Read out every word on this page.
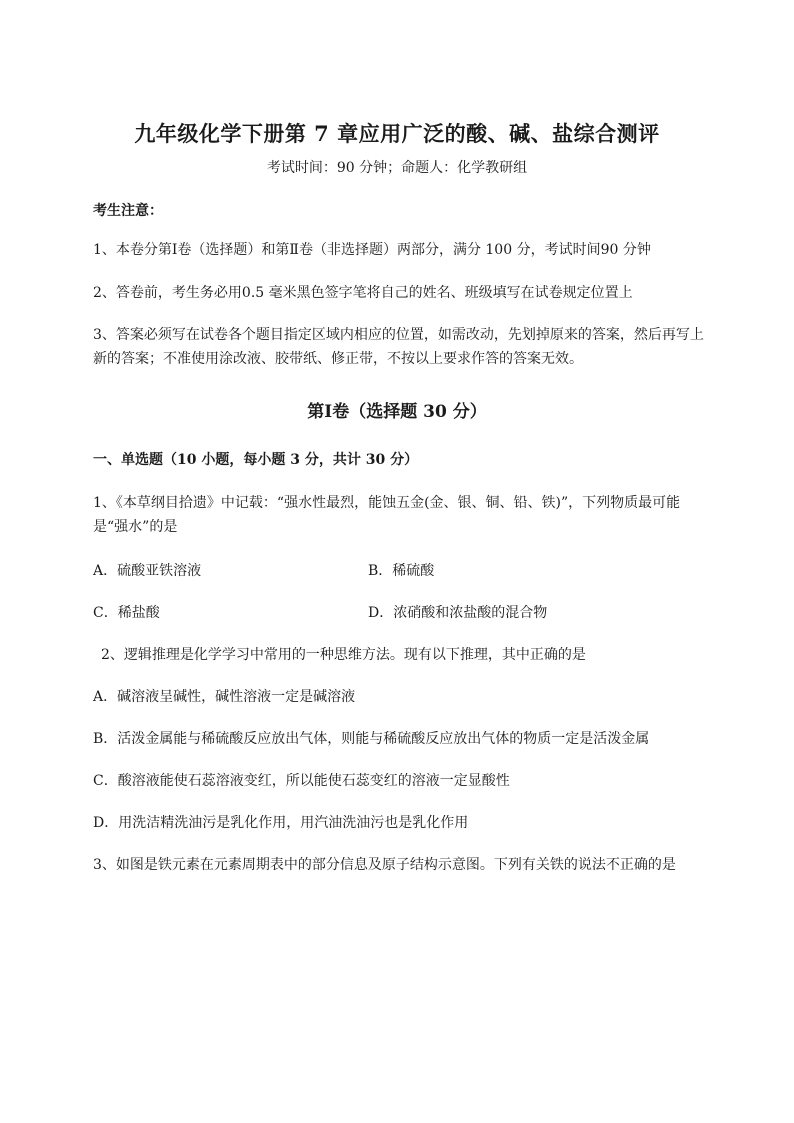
九年级化学下册第 7 章应用广泛的酸、碱、盐综合测评
考试时间：90 分钟；命题人：化学教研组
考生注意：
1、本卷分第Ⅰ卷（选择题）和第Ⅱ卷（非选择题）两部分，满分 100 分，考试时间90 分钟
2、答卷前，考生务必用0.5 毫米黑色签字笔将自己的姓名、班级填写在试卷规定位置上
3、答案必须写在试卷各个题目指定区域内相应的位置，如需改动，先划掉原来的答案，然后再写上新的答案；不准使用涂改液、胶带纸、修正带，不按以上要求作答的答案无效。
第Ⅰ卷（选择题 30 分）
一、单选题（10 小题，每小题 3 分，共计 30 分）
1、《本草纲目拾遗》中记载：“强水性最烈，能蚀五金(金、银、铜、铅、铁)”，下列物质最可能是“强水”的是
A．硫酸亚铁溶液	B．稀硫酸
C．稀盐酸	D．浓硝酸和浓盐酸的混合物
2、逻辑推理是化学学习中常用的一种思维方法。现有以下推理，其中正确的是
A．碱溶液呈碱性，碱性溶液一定是碱溶液
B．活泼金属能与稀硫酸反应放出气体，则能与稀硫酸反应放出气体的物质一定是活泼金属
C．酸溶液能使石蕊溶液变红，所以能使石蕊变红的溶液一定显酸性
D．用洗洁精洗油污是乳化作用，用汽油洗油污也是乳化作用
3、如图是铁元素在元素周期表中的部分信息及原子结构示意图。下列有关铁的说法不正确的是
